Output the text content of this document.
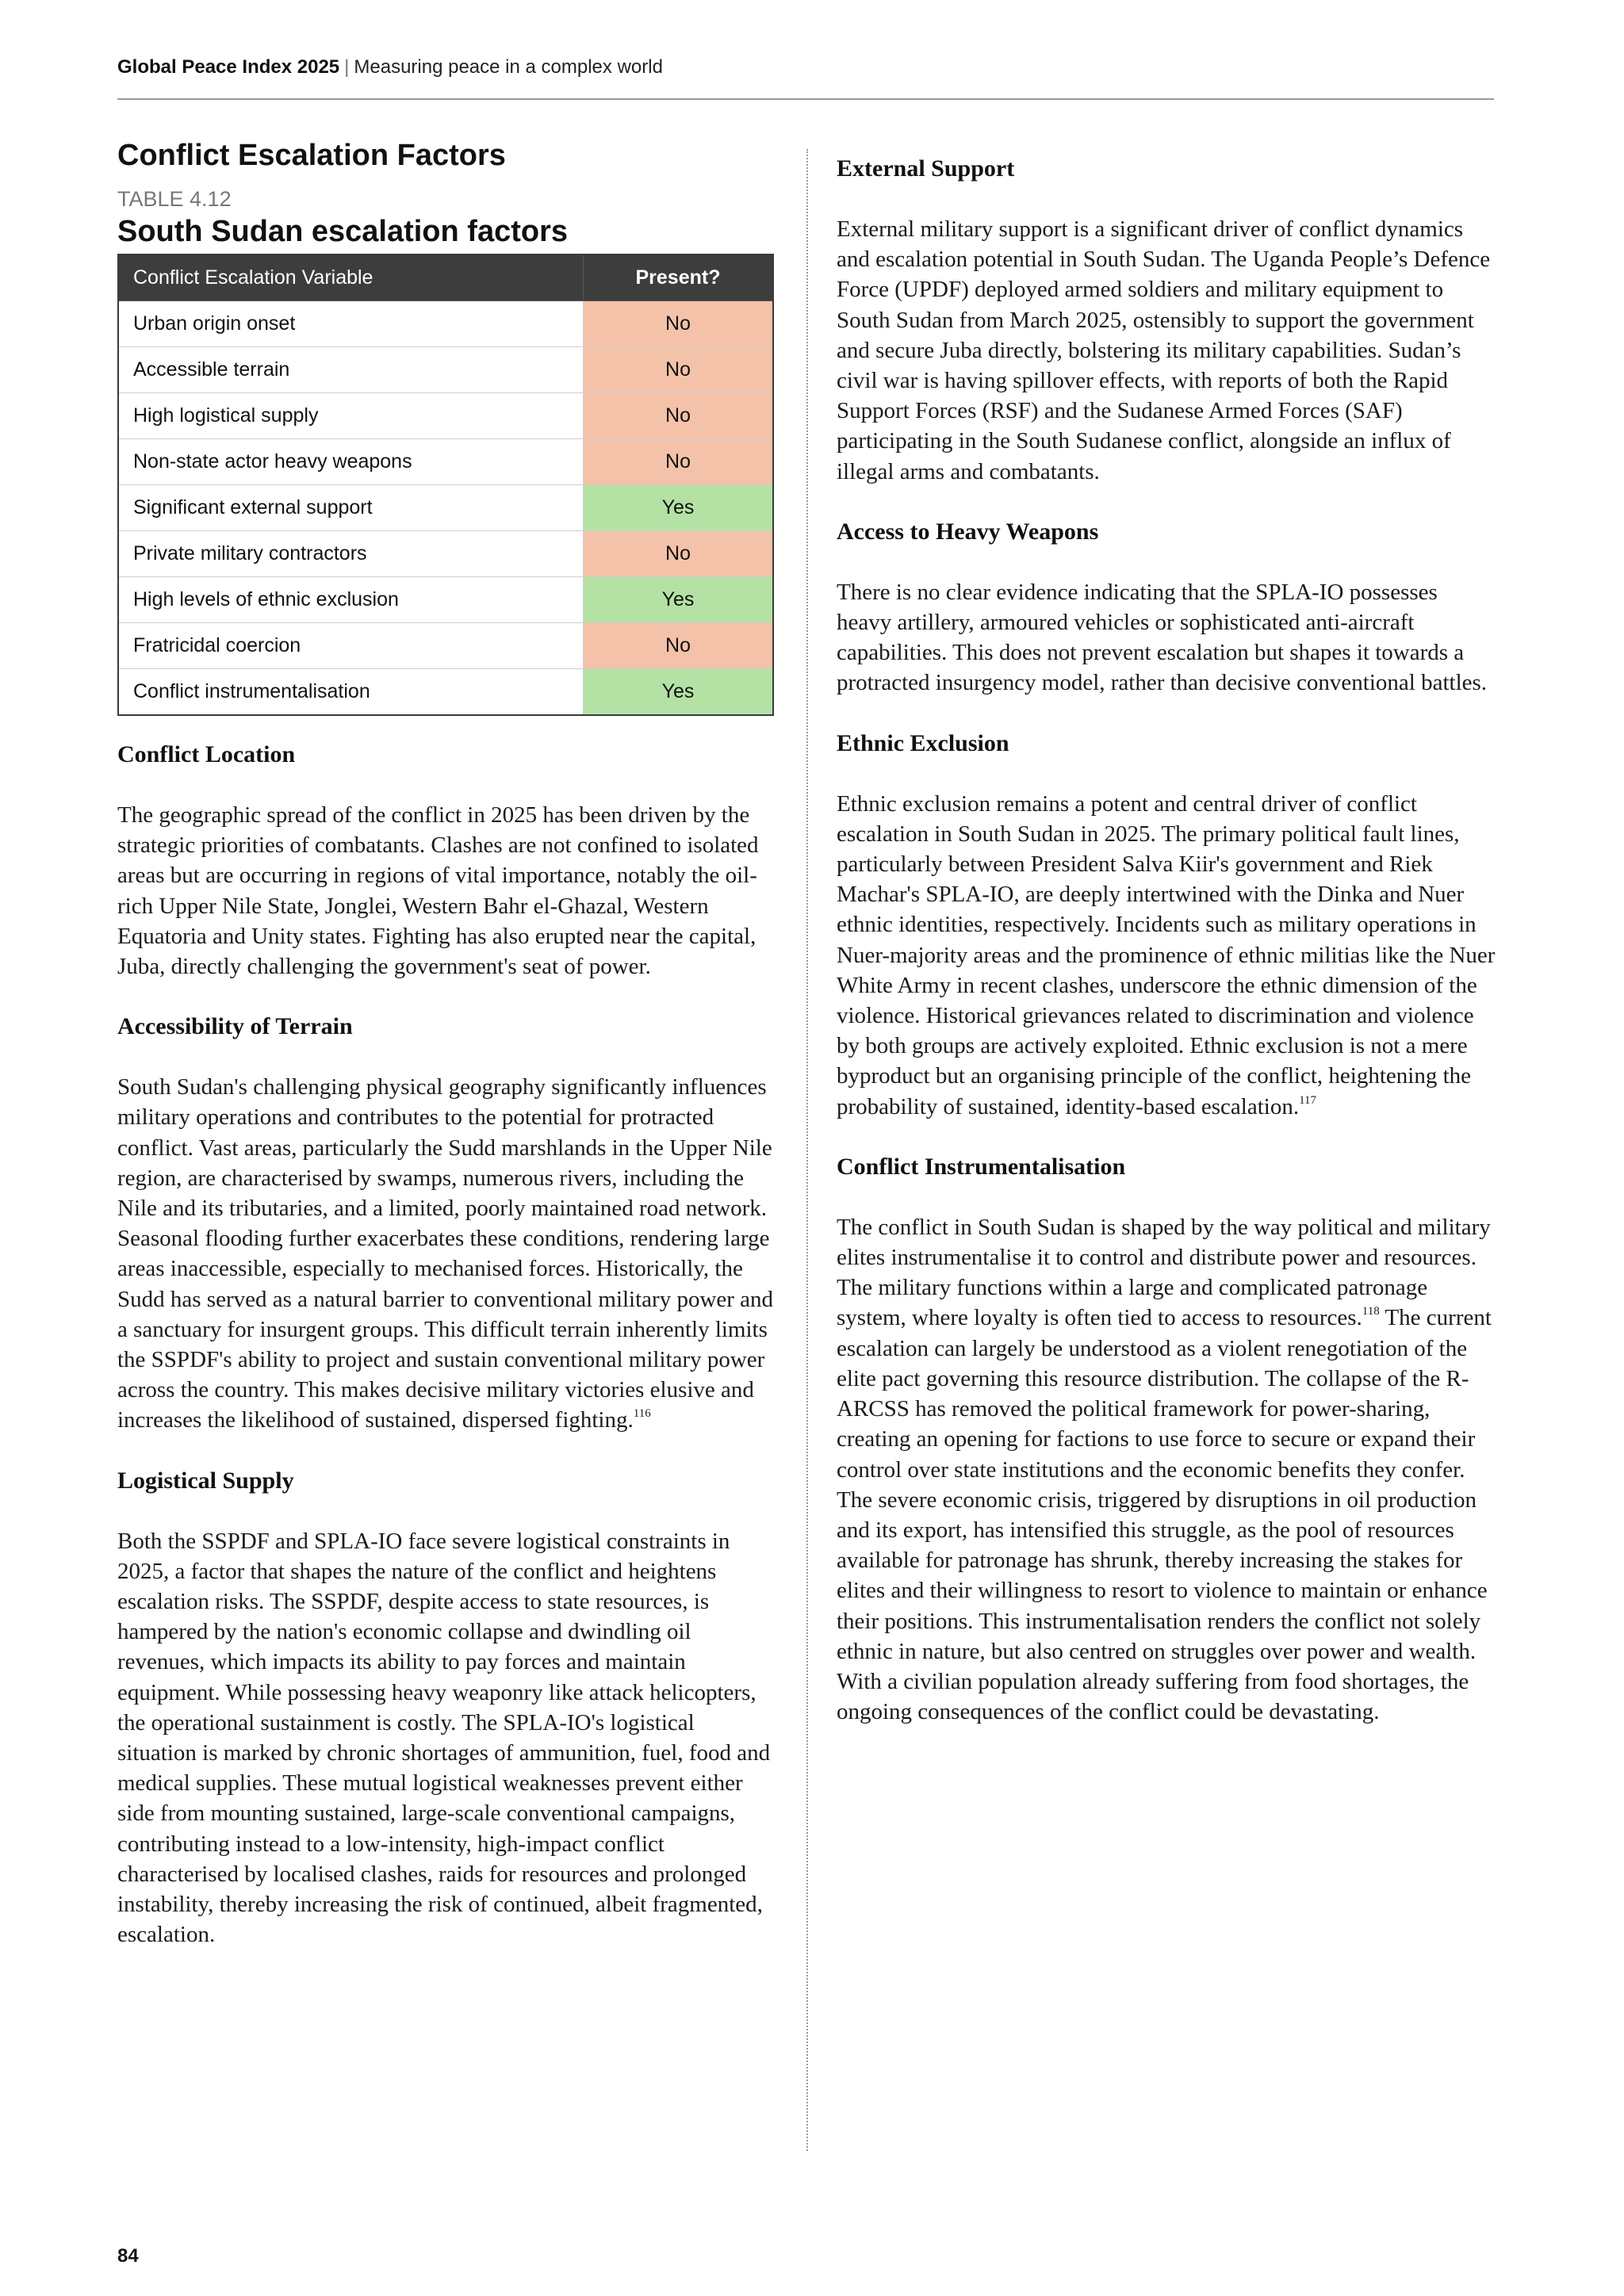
Global Peace Index 2025 | Measuring peace in a complex world
Conflict Escalation Factors

TABLE 4.12

South Sudan escalation factors

Conflict Escalation Variable	Present?
Urban origin onset	No
Accessible terrain	No
High logistical supply	No
Non-state actor heavy weapons	No
Significant external support	Yes
Private military contractors	No
High levels of ethnic exclusion	Yes
Fratricidal coercion	No
Conflict instrumentalisation	Yes
Conflict Location

The geographic spread of the conflict in 2025 has been driven by the strategic priorities of combatants. Clashes are not confined to isolated areas but are occurring in regions of vital importance, notably the oil-rich Upper Nile State, Jonglei, Western Bahr el-Ghazal, Western Equatoria and Unity states. Fighting has also erupted near the capital, Juba, directly challenging the government's seat of power.

Accessibility of Terrain

South Sudan's challenging physical geography significantly influences military operations and contributes to the potential for protracted conflict. Vast areas, particularly the Sudd marshlands in the Upper Nile region, are characterised by swamps, numerous rivers, including the Nile and its tributaries, and a limited, poorly maintained road network. Seasonal flooding further exacerbates these conditions, rendering large areas inaccessible, especially to mechanised forces. Historically, the Sudd has served as a natural barrier to conventional military power and a sanctuary for insurgent groups. This difficult terrain inherently limits the SSPDF's ability to project and sustain conventional military power across the country. This makes decisive military victories elusive and increases the likelihood of sustained, dispersed fighting.$^{116}$

Logistical Supply

Both the SSPDF and SPLA-IO face severe logistical constraints in 2025, a factor that shapes the nature of the conflict and heightens escalation risks. The SSPDF, despite access to state resources, is hampered by the nation's economic collapse and dwindling oil revenues, which impacts its ability to pay forces and maintain equipment. While possessing heavy weaponry like attack helicopters, the operational sustainment is costly. The SPLA-IO's logistical situation is marked by chronic shortages of ammunition, fuel, food and medical supplies. These mutual logistical weaknesses prevent either side from mounting sustained, large-scale conventional campaigns, contributing instead to a low-intensity, high-impact conflict characterised by localised clashes, raids for resources and prolonged instability, thereby increasing the risk of continued, albeit fragmented, escalation.

External Support

External military support is a significant driver of conflict dynamics and escalation potential in South Sudan. The Uganda People’s Defence Force (UPDF) deployed armed soldiers and military equipment to South Sudan from March 2025, ostensibly to support the government and secure Juba directly, bolstering its military capabilities. Sudan’s civil war is having spillover effects, with reports of both the Rapid Support Forces (RSF) and the Sudanese Armed Forces (SAF) participating in the South Sudanese conflict, alongside an influx of illegal arms and combatants.

Access to Heavy Weapons

There is no clear evidence indicating that the SPLA-IO possesses heavy artillery, armoured vehicles or sophisticated anti-aircraft capabilities. This does not prevent escalation but shapes it towards a protracted insurgency model, rather than decisive conventional battles.

Ethnic Exclusion

Ethnic exclusion remains a potent and central driver of conflict escalation in South Sudan in 2025. The primary political fault lines, particularly between President Salva Kiir's government and Riek Machar's SPLA-IO, are deeply intertwined with the Dinka and Nuer ethnic identities, respectively. Incidents such as military operations in Nuer-majority areas and the prominence of ethnic militias like the Nuer White Army in recent clashes, underscore the ethnic dimension of the violence. Historical grievances related to discrimination and violence by both groups are actively exploited. Ethnic exclusion is not a mere byproduct but an organising principle of the conflict, heightening the probability of sustained, identity-based escalation.$^{117}$

Conflict Instrumentalisation

The conflict in South Sudan is shaped by the way political and military elites instrumentalise it to control and distribute power and resources. The military functions within a large and complicated patronage system, where loyalty is often tied to access to resources.$^{118}$ The current escalation can largely be understood as a violent renegotiation of the elite pact governing this resource distribution. The collapse of the R-ARCSS has removed the political framework for power-sharing, creating an opening for factions to use force to secure or expand their control over state institutions and the economic benefits they confer. The severe economic crisis, triggered by disruptions in oil production and its export, has intensified this struggle, as the pool of resources available for patronage has shrunk, thereby increasing the stakes for elites and their willingness to resort to violence to maintain or enhance their positions. This instrumentalisation renders the conflict not solely ethnic in nature, but also centred on struggles over power and wealth. With a civilian population already suffering from food shortages, the ongoing consequences of the conflict could be devastating.

84
